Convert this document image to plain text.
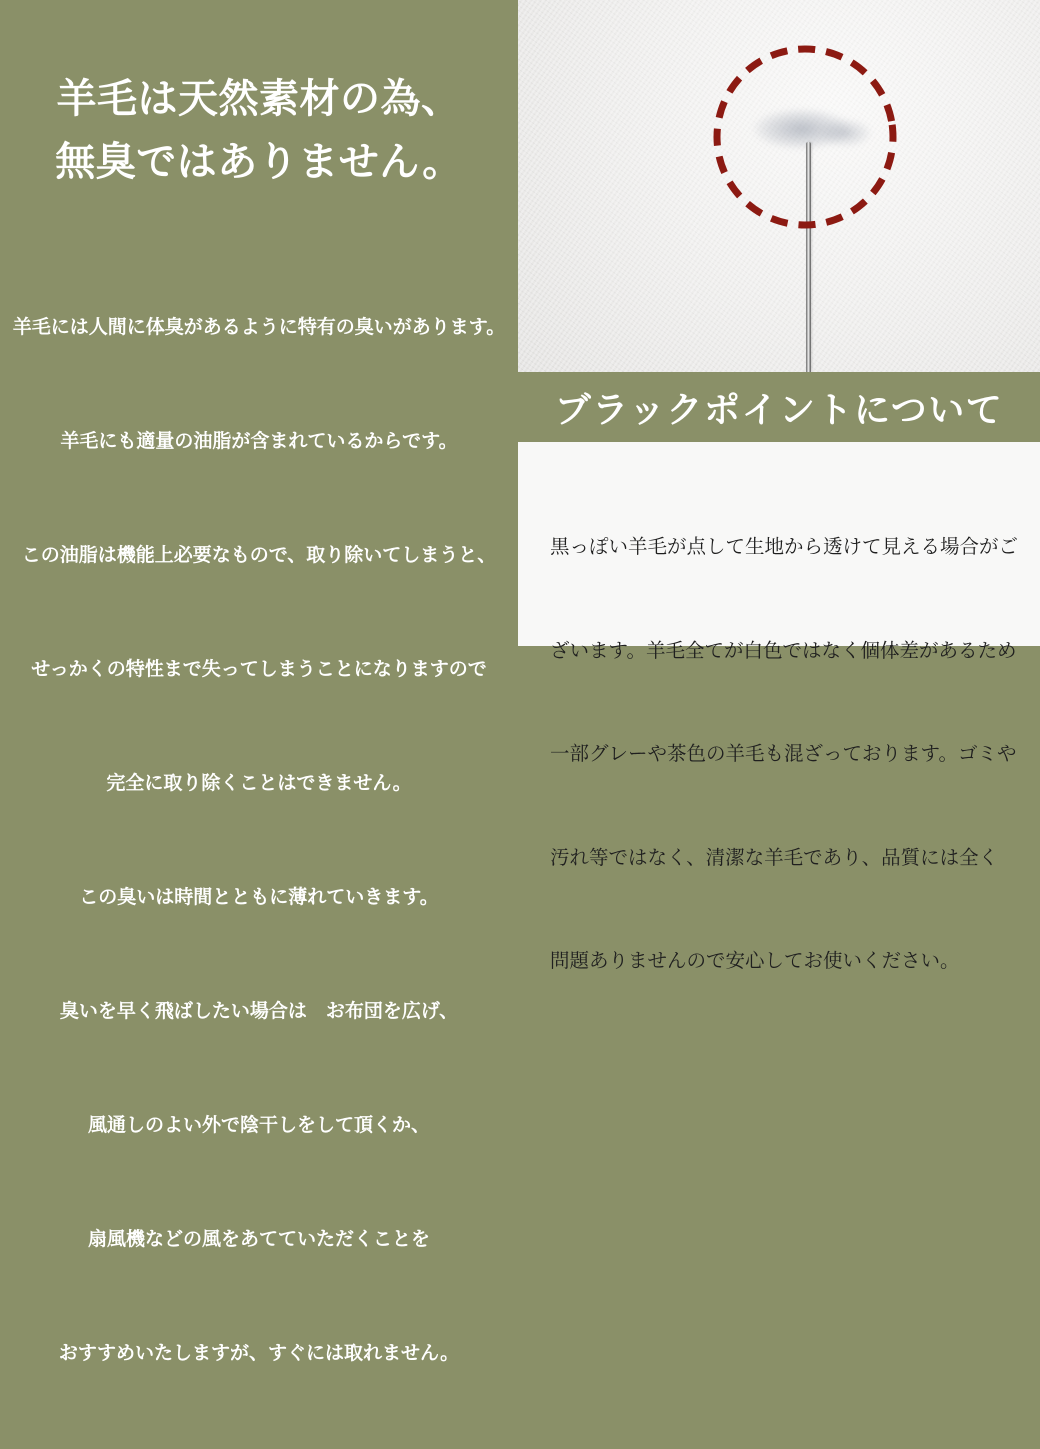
羊毛は天然素材の為、
無臭ではありません。

羊毛には人間に体臭があるように特有の臭いがあります。

羊毛にも適量の油脂が含まれているからです。

この油脂は機能上必要なもので、取り除いてしまうと、

せっかくの特性まで失ってしまうことになりますので

完全に取り除くことはできません。

この臭いは時間とともに薄れていきます。

臭いを早く飛ばしたい場合は　お布団を広げ、

風通しのよい外で陰干しをして頂くか、

扇風機などの風をあてていただくことを

おすすめいたしますが、すぐには取れません。

ブラックポイントについて

黒っぽい羊毛が点して生地から透けて見える場合がご

ざいます。羊毛全てが白色ではなく個体差があるため

一部グレーや茶色の羊毛も混ざっております。ゴミや

汚れ等ではなく、清潔な羊毛であり、品質には全く

問題ありませんので安心してお使いください。
